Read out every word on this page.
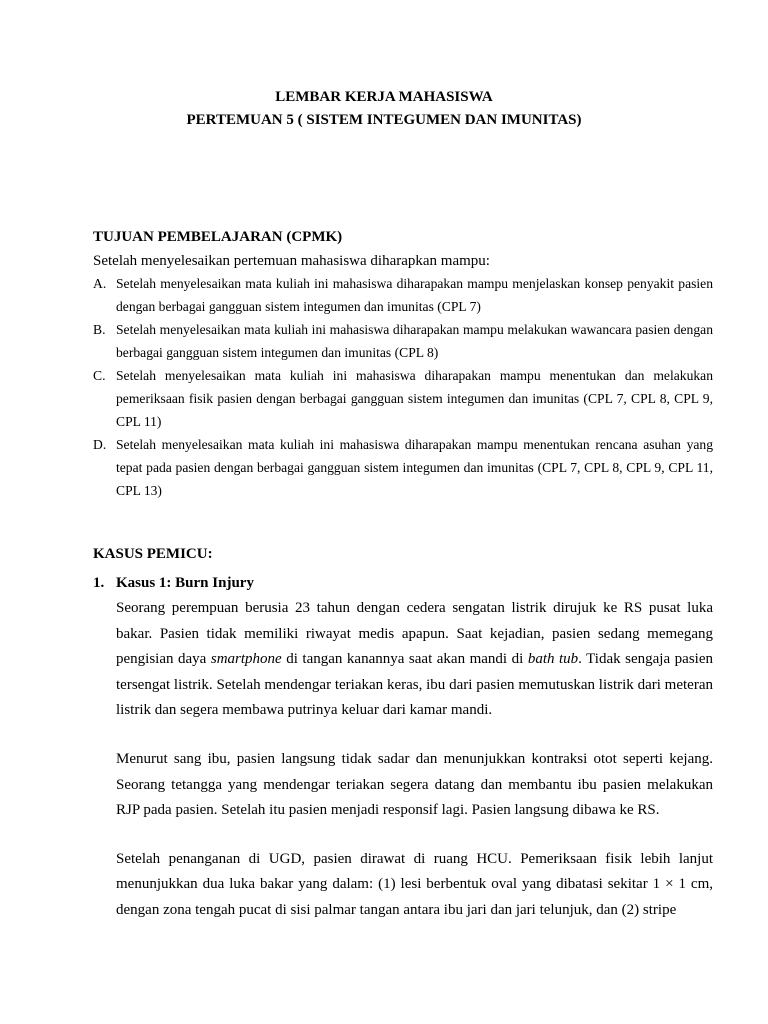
LEMBAR KERJA MAHASISWA
PERTEMUAN 5 ( SISTEM INTEGUMEN DAN IMUNITAS)
TUJUAN PEMBELAJARAN (CPMK)
Setelah menyelesaikan pertemuan mahasiswa diharapkan mampu:
A. Setelah menyelesaikan mata kuliah ini mahasiswa diharapakan mampu menjelaskan konsep penyakit pasien dengan berbagai gangguan sistem integumen dan imunitas (CPL 7)
B. Setelah menyelesaikan mata kuliah ini mahasiswa diharapakan mampu melakukan wawancara pasien dengan berbagai gangguan sistem integumen dan imunitas (CPL 8)
C. Setelah menyelesaikan mata kuliah ini mahasiswa diharapakan mampu menentukan dan melakukan pemeriksaan fisik pasien dengan berbagai gangguan sistem integumen dan imunitas (CPL 7, CPL 8, CPL 9, CPL 11)
D. Setelah menyelesaikan mata kuliah ini mahasiswa diharapakan mampu menentukan rencana asuhan yang tepat pada pasien dengan berbagai gangguan sistem integumen dan imunitas (CPL 7, CPL 8, CPL 9, CPL 11, CPL 13)
KASUS PEMICU:
1. Kasus 1: Burn Injury

Seorang perempuan berusia 23 tahun dengan cedera sengatan listrik dirujuk ke RS pusat luka bakar. Pasien tidak memiliki riwayat medis apapun. Saat kejadian, pasien sedang memegang pengisian daya smartphone di tangan kanannya saat akan mandi di bath tub. Tidak sengaja pasien tersengat listrik. Setelah mendengar teriakan keras, ibu dari pasien memutuskan listrik dari meteran listrik dan segera membawa putrinya keluar dari kamar mandi.

Menurut sang ibu, pasien langsung tidak sadar dan menunjukkan kontraksi otot seperti kejang. Seorang tetangga yang mendengar teriakan segera datang dan membantu ibu pasien melakukan RJP pada pasien. Setelah itu pasien menjadi responsif lagi. Pasien langsung dibawa ke RS.

Setelah penanganan di UGD, pasien dirawat di ruang HCU. Pemeriksaan fisik lebih lanjut menunjukkan dua luka bakar yang dalam: (1) lesi berbentuk oval yang dibatasi sekitar 1 × 1 cm, dengan zona tengah pucat di sisi palmar tangan antara ibu jari dan jari telunjuk, dan (2) stripe
